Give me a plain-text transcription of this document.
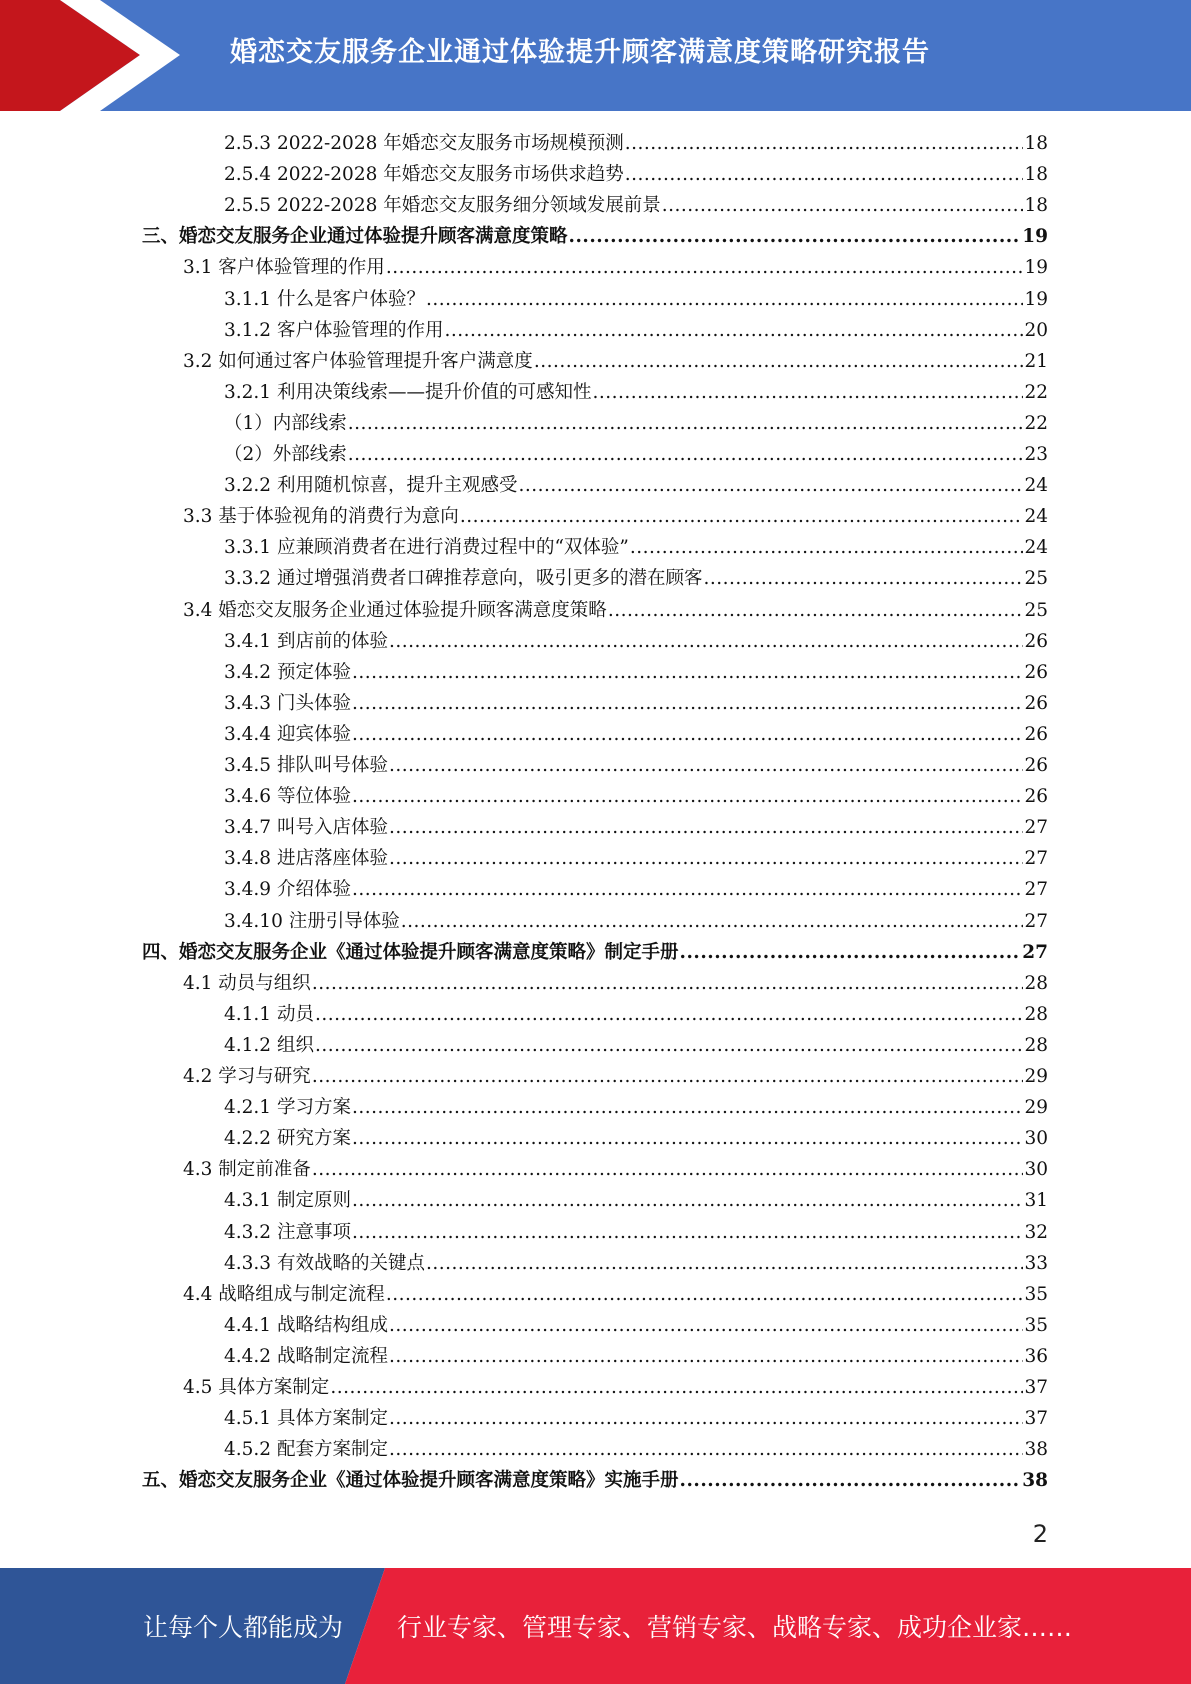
婚恋交友服务企业通过体验提升顾客满意度策略研究报告
2.5.3 2022-2028 年婚恋交友服务市场规模预测 .....	18
2.5.4 2022-2028 年婚恋交友服务市场供求趋势 .....	18
2.5.5 2022-2028 年婚恋交友服务细分领域发展前景 .....	18
三、婚恋交友服务企业通过体验提升顾客满意度策略 .....	19
3.1 客户体验管理的作用 .....	19
3.1.1 什么是客户体验？ .....	19
3.1.2 客户体验管理的作用 .....	20
3.2 如何通过客户体验管理提升客户满意度 .....	21
3.2.1 利用决策线索——提升价值的可感知性 .....	22
（1）内部线索 .....	22
（2）外部线索 .....	23
3.2.2 利用随机惊喜，提升主观感受 .....	24
3.3 基于体验视角的消费行为意向 .....	24
3.3.1 应兼顾消费者在进行消费过程中的“双体验” .....	24
3.3.2 通过增强消费者口碑推荐意向，吸引更多的潜在顾客 .....	25
3.4 婚恋交友服务企业通过体验提升顾客满意度策略 .....	25
3.4.1 到店前的体验 .....	26
3.4.2 预定体验 .....	26
3.4.3 门头体验 .....	26
3.4.4 迎宾体验 .....	26
3.4.5 排队叫号体验 .....	26
3.4.6 等位体验 .....	26
3.4.7 叫号入店体验 .....	27
3.4.8 进店落座体验 .....	27
3.4.9 介绍体验 .....	27
3.4.10 注册引导体验 .....	27
四、婚恋交友服务企业《通过体验提升顾客满意度策略》制定手册 .....	27
4.1 动员与组织 .....	28
4.1.1 动员 .....	28
4.1.2 组织 .....	28
4.2 学习与研究 .....	29
4.2.1 学习方案 .....	29
4.2.2 研究方案 .....	30
4.3 制定前准备 .....	30
4.3.1 制定原则 .....	31
4.3.2 注意事项 .....	32
4.3.3 有效战略的关键点 .....	33
4.4 战略组成与制定流程 .....	35
4.4.1 战略结构组成 .....	35
4.4.2 战略制定流程 .....	36
4.5 具体方案制定 .....	37
4.5.1 具体方案制定 .....	37
4.5.2 配套方案制定 .....	38
五、婚恋交友服务企业《通过体验提升顾客满意度策略》实施手册 .....	38
2
让每个人都能成为 行业专家、管理专家、营销专家、战略专家、成功企业家……
